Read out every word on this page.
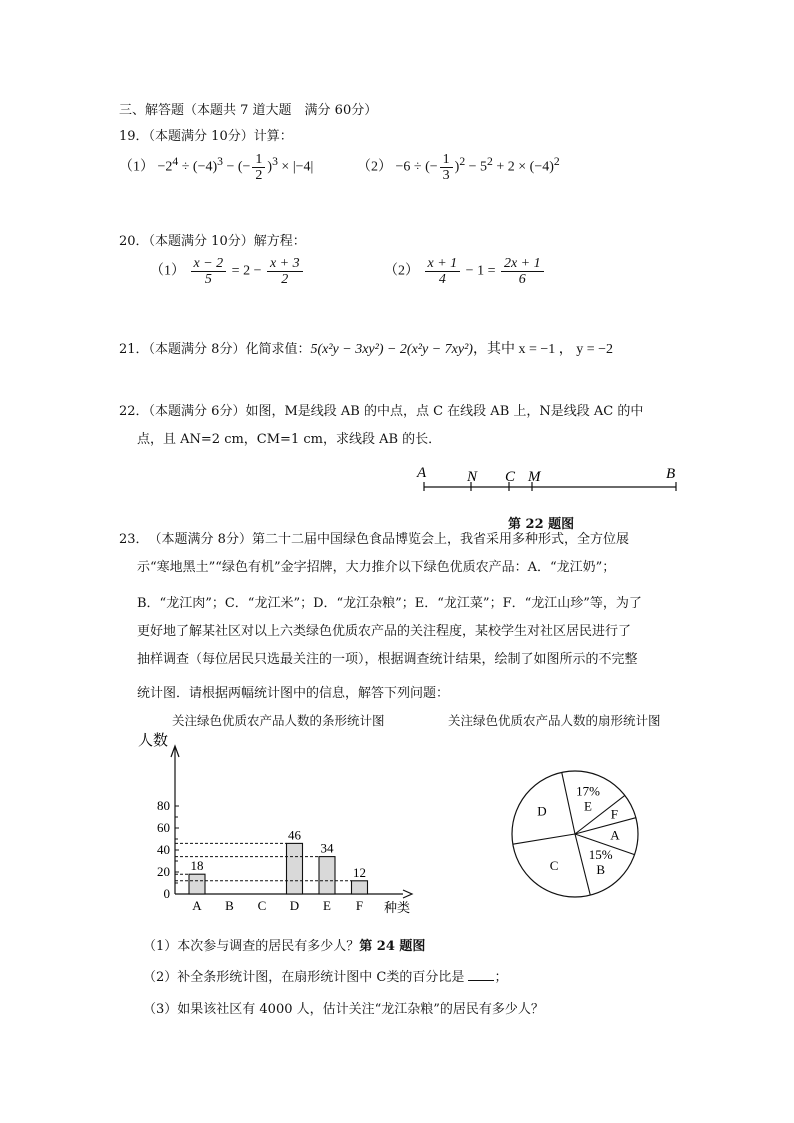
三、解答题（本题共 7 道大题　满分 60分）
19．（本题满分 10分）计算：
$(1) -2^4 \div (-4)^3$ − (− $\frac{1}{2} )^3 \times |-4|$	（2） −6 ÷ (− $\frac{1}{3} )^2 - 5^2 + 2 \times (-4)^2$
20．（本题满分 10分）解方程：
$(1) \frac{x - 2}{5} = 2 - \frac{x + 3}{2}$	$(2) \frac{x + 1}{4} - 1 = \frac{2x + 1}{6}$
21．（本题满分 8分）化简求值：5(x²y − 3xy²) − 2(x²y − 7xy²)，其中 x = −1 ， y = −2
22．（本题满分 6分）如图，M是线段 AB 的中点，点 C 在线段 AB 上，N是线段 AC 的中
点，且 AN=2 cm，CM=1 cm，求线段 AB 的长．
A	N C M	B
第 22 题图
23．　（本题满分 8分）第二十二届中国绿色食品博览会上，我省采用多种形式，全方位展
示“寒地黑土”“绿色有机”金字招牌，大力推介以下绿色优质农产品：A．“龙江奶”；
B．“龙江肉”；C．“龙江米”；D．“龙江杂粮”；E．“龙江菜”；F．“龙江山珍”等，为了
更好地了解某社区对以上六类绿色优质农产品的关注程度，某校学生对社区居民进行了
抽样调查（每位居民只选最关注的一项），根据调查统计结果，绘制了如图所示的不完整
统计图．请根据两幅统计图中的信息，解答下列问题：
关注绿色优质农产品人数的条形统计图	关注绿色优质农产品人数的扇形统计图
人数
种类
0
20
40
60
80
A
18
B C D
46
E
34
F
12
A
15% B
C
D
17% E
F
（1）本次参与调查的居民有多少人？第 24 题图
（2）补全条形统计图，在扇形统计图中 C类的百分比是 ；
（3）如果该社区有 4000 人，估计关注“龙江杂粮”的居民有多少人？
